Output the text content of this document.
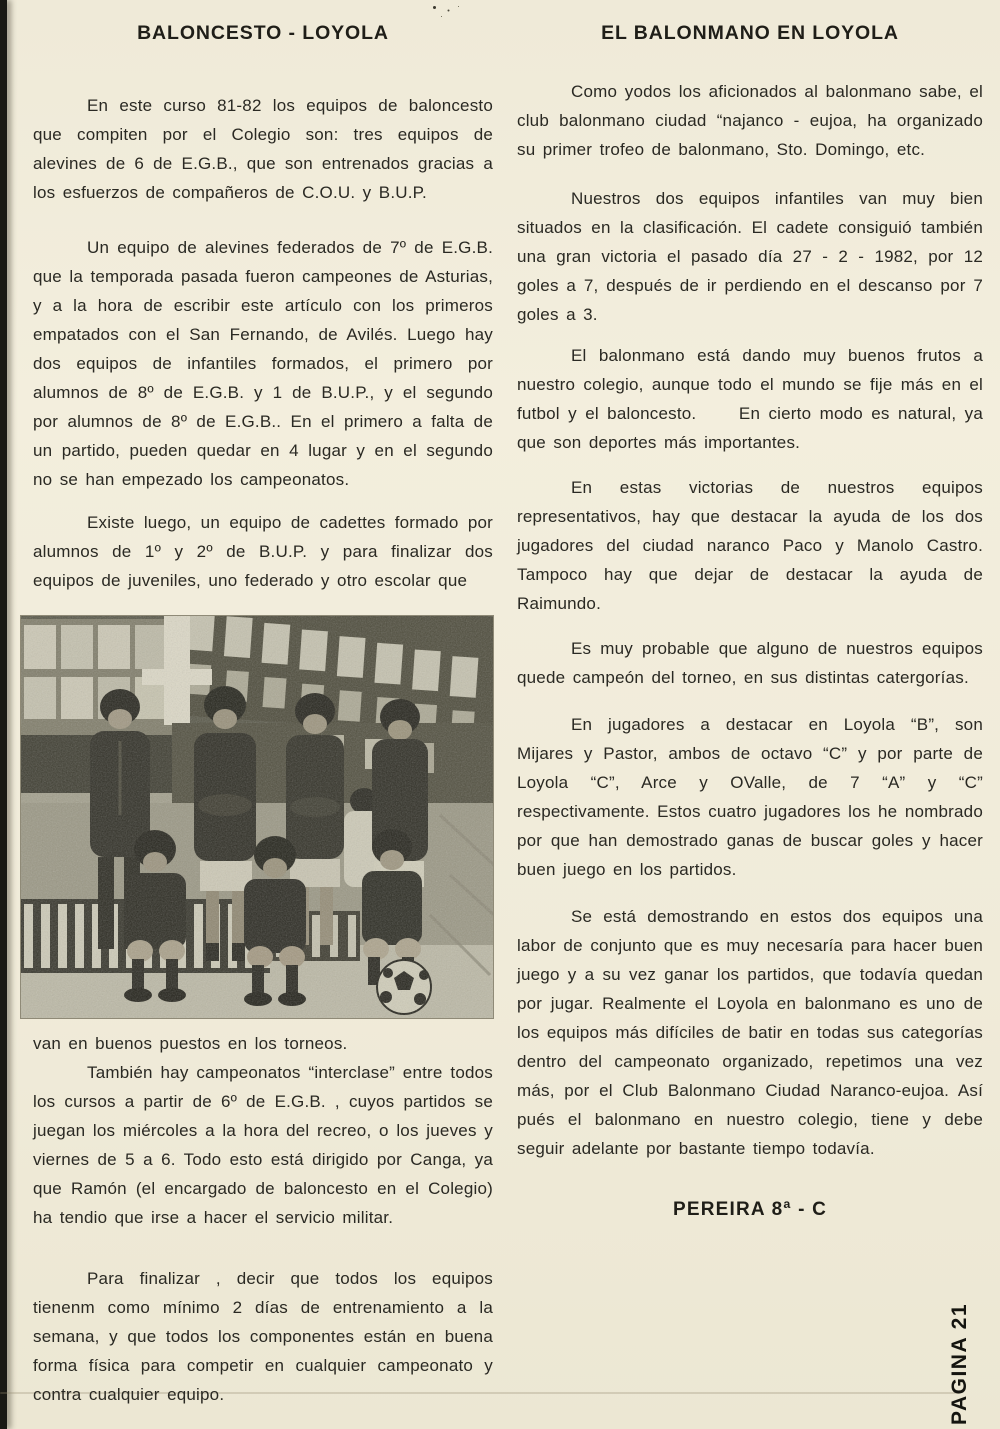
BALONCESTO - LOYOLA

En este curso 81-82 los equipos de baloncesto que compiten por el Colegio son: tres equipos de alevines de 6 de E.G.B., que son entrenados gracias a los esfuerzos de compañeros de C.O.U. y B.U.P.

Un equipo de alevines federados de 7º de E.G.B. que la temporada pasada fueron campeones de Asturias, y a la hora de escribir este artículo con los primeros empatados con el San Fernando, de Avilés. Luego hay dos equipos de infantiles formados, el primero por alumnos de 8º de E.G.B. y 1 de B.U.P., y el segundo por alumnos de 8º de E.G.B.. En el primero a falta de un partido, pueden quedar en 4 lugar y en el segundo no se han empezado los campeonatos.

Existe luego, un equipo de cadettes formado por alumnos de 1º y 2º de B.U.P. y para finalizar dos equipos de juveniles, uno federado y otro escolar que

van en buenos puestos en los torneos.

También hay campeonatos “interclase” entre todos los cursos a partir de 6º de E.G.B. , cuyos partidos se juegan los miércoles a la hora del recreo, o los jueves y viernes de 5 a 6. Todo esto está dirigido por Canga, ya que Ramón (el encargado de baloncesto en el Colegio) ha tendio que irse a hacer el servicio militar.

Para finalizar , decir que todos los equipos tienenm como mínimo 2 días de entrenamiento a la semana, y que todos los componentes están en buena forma física para competir en cualquier campeonato y contra cualquier equipo.

EL BALONMANO EN LOYOLA

Como yodos los aficionados al balonmano sabe, el club balonmano ciudad “najanco - eujoa, ha organizado su primer trofeo de balonmano, Sto. Domingo, etc.

Nuestros dos equipos infantiles van muy bien situados en la clasificación. El cadete consiguió también una gran victoria el pasado día 27 - 2 - 1982, por 12 goles a 7, después de ir perdiendo en el descanso por 7 goles a 3.

El balonmano está dando muy buenos frutos a nuestro colegio, aunque todo el mundo se fije más en el futbol y el baloncesto.    En cierto modo es natural, ya que son deportes más importantes.

En estas victorias de nuestros equipos representativos, hay que destacar la ayuda de los dos jugadores del ciudad naranco Paco y Manolo Castro. Tampoco hay que dejar de destacar la ayuda de Raimundo.

Es muy probable que alguno de nuestros equipos quede campeón del torneo, en sus distintas catergorías.

En jugadores a destacar en Loyola “B”, son Mijares y Pastor, ambos de octavo “C” y por parte de Loyola “C”, Arce y OValle, de 7 “A” y “C” respectivamente. Estos cuatro jugadores los he nombrado por que han demostrado ganas de buscar goles y hacer buen juego en los partidos.

Se está demostrando en estos dos equipos una labor de conjunto que es muy necesaría para hacer buen juego y a su vez ganar los partidos, que todavía quedan por jugar. Realmente el Loyola en balonmano es uno de los equipos más difíciles de batir en todas sus categorías dentro del campeonato organizado, repetimos una vez más, por el Club Balonmano Ciudad Naranco-eujoa. Así pués el balonmano en nuestro colegio, tiene y debe seguir adelante por bastante tiempo todavía.

PEREIRA 8ª - C
PAGINA 21
